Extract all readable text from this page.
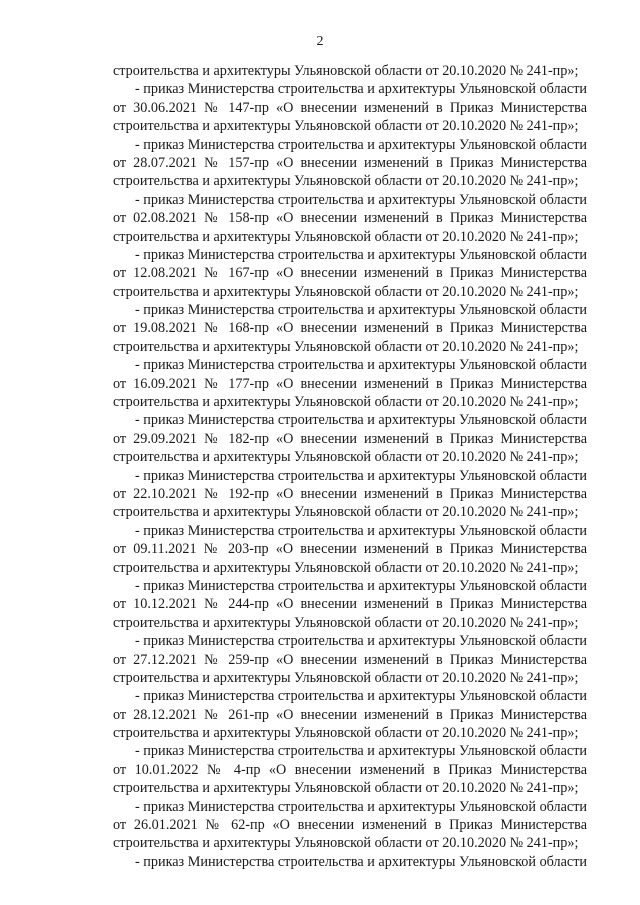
2
строительства и архитектуры Ульяновской области от 20.10.2020 № 241-пр»;
- приказ Министерства строительства и архитектуры Ульяновской области
от 30.06.2021 № 147-пр «О внесении изменений в Приказ Министерства
строительства и архитектуры Ульяновской области от 20.10.2020 № 241-пр»;
- приказ Министерства строительства и архитектуры Ульяновской области
от 28.07.2021 № 157-пр «О внесении изменений в Приказ Министерства
строительства и архитектуры Ульяновской области от 20.10.2020 № 241-пр»;
- приказ Министерства строительства и архитектуры Ульяновской области
от 02.08.2021 № 158-пр «О внесении изменений в Приказ Министерства
строительства и архитектуры Ульяновской области от 20.10.2020 № 241-пр»;
- приказ Министерства строительства и архитектуры Ульяновской области
от 12.08.2021 № 167-пр «О внесении изменений в Приказ Министерства
строительства и архитектуры Ульяновской области от 20.10.2020 № 241-пр»;
- приказ Министерства строительства и архитектуры Ульяновской области
от 19.08.2021 № 168-пр «О внесении изменений в Приказ Министерства
строительства и архитектуры Ульяновской области от 20.10.2020 № 241-пр»;
- приказ Министерства строительства и архитектуры Ульяновской области
от 16.09.2021 № 177-пр «О внесении изменений в Приказ Министерства
строительства и архитектуры Ульяновской области от 20.10.2020 № 241-пр»;
- приказ Министерства строительства и архитектуры Ульяновской области
от 29.09.2021 № 182-пр «О внесении изменений в Приказ Министерства
строительства и архитектуры Ульяновской области от 20.10.2020 № 241-пр»;
- приказ Министерства строительства и архитектуры Ульяновской области
от 22.10.2021 № 192-пр «О внесении изменений в Приказ Министерства
строительства и архитектуры Ульяновской области от 20.10.2020 № 241-пр»;
- приказ Министерства строительства и архитектуры Ульяновской области
от 09.11.2021 № 203-пр «О внесении изменений в Приказ Министерства
строительства и архитектуры Ульяновской области от 20.10.2020 № 241-пр»;
- приказ Министерства строительства и архитектуры Ульяновской области
от 10.12.2021 № 244-пр «О внесении изменений в Приказ Министерства
строительства и архитектуры Ульяновской области от 20.10.2020 № 241-пр»;
- приказ Министерства строительства и архитектуры Ульяновской области
от 27.12.2021 № 259-пр «О внесении изменений в Приказ Министерства
строительства и архитектуры Ульяновской области от 20.10.2020 № 241-пр»;
- приказ Министерства строительства и архитектуры Ульяновской области
от 28.12.2021 № 261-пр «О внесении изменений в Приказ Министерства
строительства и архитектуры Ульяновской области от 20.10.2020 № 241-пр»;
- приказ Министерства строительства и архитектуры Ульяновской области
от 10.01.2022 № 4-пр «О внесении изменений в Приказ Министерства
строительства и архитектуры Ульяновской области от 20.10.2020 № 241-пр»;
- приказ Министерства строительства и архитектуры Ульяновской области
от 26.01.2021 № 62-пр «О внесении изменений в Приказ Министерства
строительства и архитектуры Ульяновской области от 20.10.2020 № 241-пр»;
- приказ Министерства строительства и архитектуры Ульяновской области
